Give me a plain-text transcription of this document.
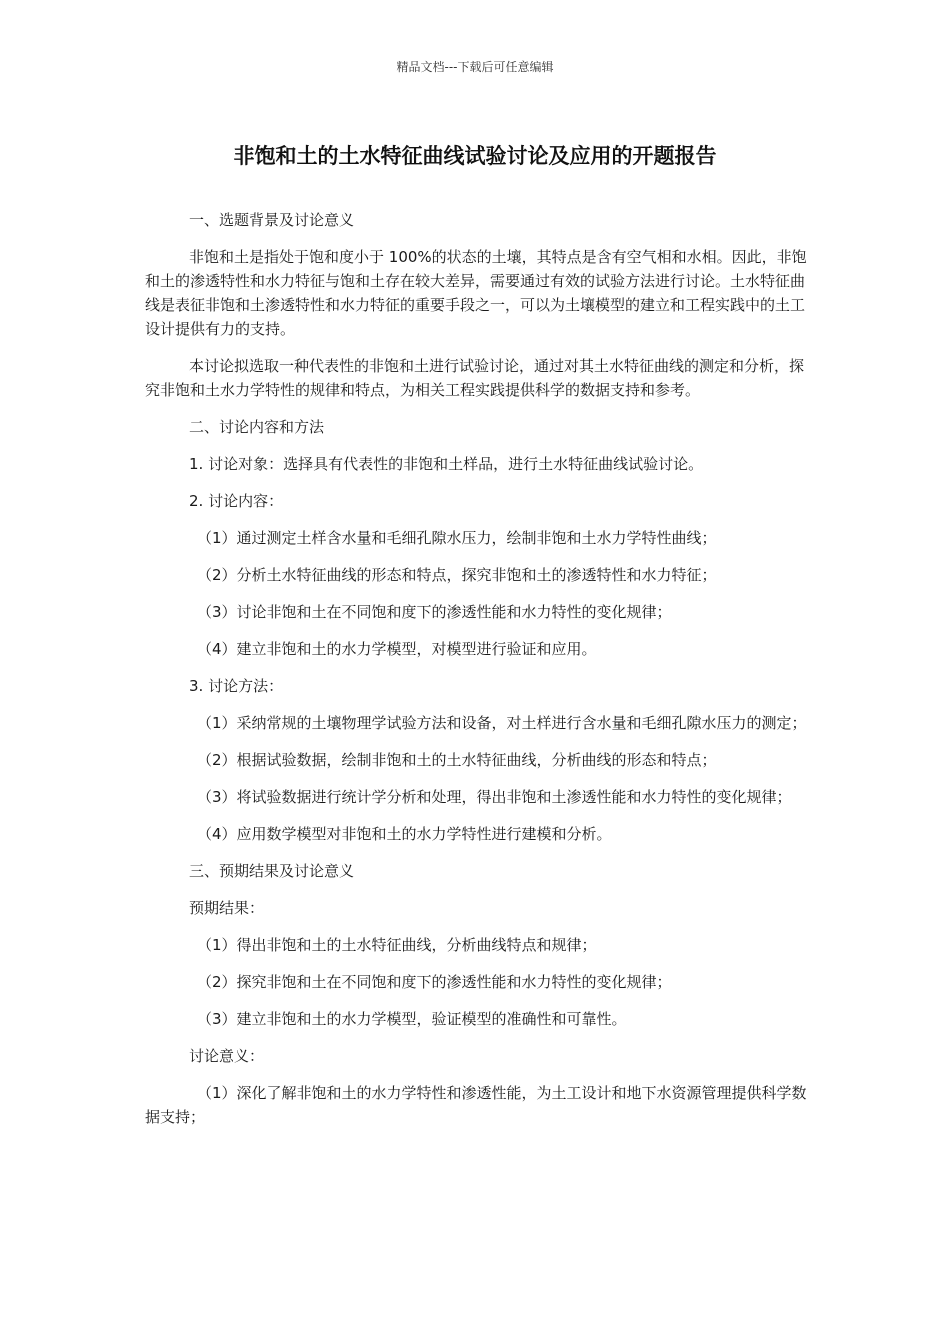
精品文档---下载后可任意编辑
非饱和土的土水特征曲线试验讨论及应用的开题报告

一、选题背景及讨论意义

非饱和土是指处于饱和度小于 100%的状态的土壤，其特点是含有空气相和水相。因此，非饱和土的渗透特性和水力特征与饱和土存在较大差异，需要通过有效的试验方法进行讨论。土水特征曲线是表征非饱和土渗透特性和水力特征的重要手段之一，可以为土壤模型的建立和工程实践中的土工设计提供有力的支持。

本讨论拟选取一种代表性的非饱和土进行试验讨论，通过对其土水特征曲线的测定和分析，探究非饱和土水力学特性的规律和特点，为相关工程实践提供科学的数据支持和参考。

二、讨论内容和方法

1. 讨论对象：选择具有代表性的非饱和土样品，进行土水特征曲线试验讨论。

2. 讨论内容：

（1）通过测定土样含水量和毛细孔隙水压力，绘制非饱和土水力学特性曲线；

（2）分析土水特征曲线的形态和特点，探究非饱和土的渗透特性和水力特征；

（3）讨论非饱和土在不同饱和度下的渗透性能和水力特性的变化规律；

（4）建立非饱和土的水力学模型，对模型进行验证和应用。

3. 讨论方法：

（1）采纳常规的土壤物理学试验方法和设备，对土样进行含水量和毛细孔隙水压力的测定；

（2）根据试验数据，绘制非饱和土的土水特征曲线，分析曲线的形态和特点；

（3）将试验数据进行统计学分析和处理，得出非饱和土渗透性能和水力特性的变化规律；

（4）应用数学模型对非饱和土的水力学特性进行建模和分析。

三、预期结果及讨论意义

预期结果：

（1）得出非饱和土的土水特征曲线，分析曲线特点和规律；

（2）探究非饱和土在不同饱和度下的渗透性能和水力特性的变化规律；

（3）建立非饱和土的水力学模型，验证模型的准确性和可靠性。

讨论意义：

（1）深化了解非饱和土的水力学特性和渗透性能，为土工设计和地下水资源管理提供科学数据支持；
